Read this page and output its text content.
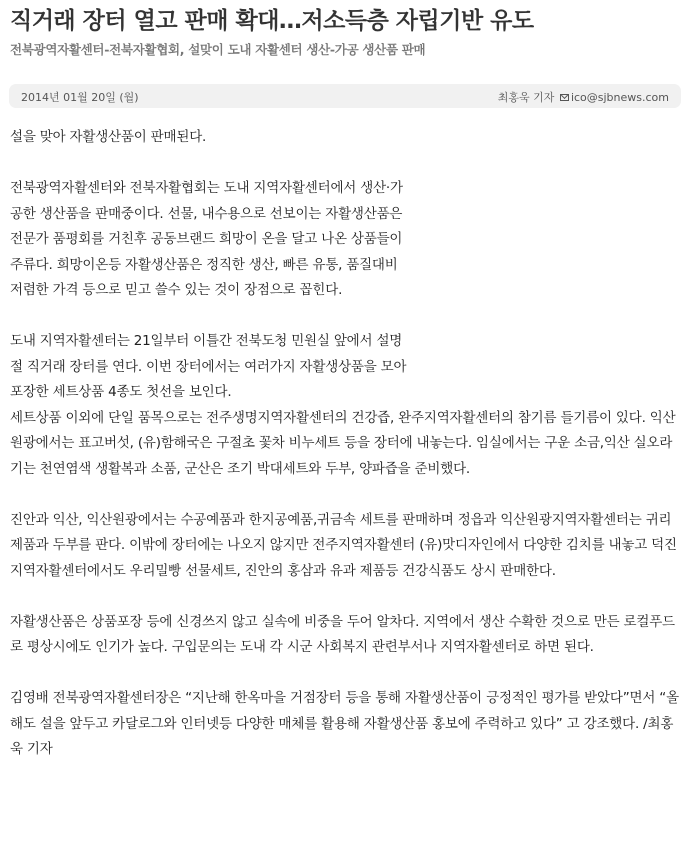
직거래 장터 열고 판매 확대…저소득층 자립기반 유도
전북광역자활센터-전북자활협회, 설맞이 도내 자활센터 생산-가공 생산품 판매
2014년 01월 20일 (월)	최홍욱 기자 ico@sjbnews.com

설을 맞아 자활생산품이 판매된다.

전북광역자활센터와 전북자활협회는 도내 지역자활센터에서 생산·가공한 생산품을 판매중이다. 선물, 내수용으로 선보이는 자활생산품은 전문가 품평회를 거친후 공동브랜드 희망이 온을 달고 나온 상품들이 주류다. 희망이온등 자활생산품은 정직한 생산, 빠른 유통, 품질대비 저렴한 가격 등으로 믿고 쓸수 있는 것이 장점으로 꼽힌다.

도내 지역자활센터는 21일부터 이틀간 전북도청 민원실 앞에서 설명절 직거래 장터를 연다. 이번 장터에서는 여러가지 자활생상품을 모아 포장한 세트상품 4종도 첫선을 보인다.

세트상품 이외에 단일 품목으로는 전주생명지역자활센터의 건강즙, 완주지역자활센터의 참기름 들기름이 있다. 익산원광에서는 표고버섯, (유)함해국은 구절초 꽃차 비누세트 등을 장터에 내놓는다. 임실에서는 구운 소금,익산 실오라기는 천연염색 생활복과 소품, 군산은 조기 박대세트와 두부, 양파즙을 준비했다.

진안과 익산, 익산원광에서는 수공예품과 한지공예품,귀금속 세트를 판매하며 정읍과 익산원광지역자활센터는 귀리제품과 두부를 판다. 이밖에 장터에는 나오지 않지만 전주지역자활센터 (유)맛디자인에서 다양한 김치를 내놓고 덕진지역자활센터에서도 우리밀빵 선물세트, 진안의 홍삼과 유과 제품등 건강식품도 상시 판매한다.

자활생산품은 상품포장 등에 신경쓰지 않고 실속에 비중을 두어 알차다. 지역에서 생산 수확한 것으로 만든 로컬푸드로 평상시에도 인기가 높다. 구입문의는 도내 각 시군 사회복지 관련부서나 지역자활센터로 하면 된다.

김영배 전북광역자활센터장은 “지난해 한옥마을 거점장터 등을 통해 자활생산품이 긍정적인 평가를 받았다”면서 “올해도 설을 앞두고 카달로그와 인터넷등 다양한 매체를 활용해 자활생산품 홍보에 주력하고 있다” 고 강조했다. /최홍욱 기자
